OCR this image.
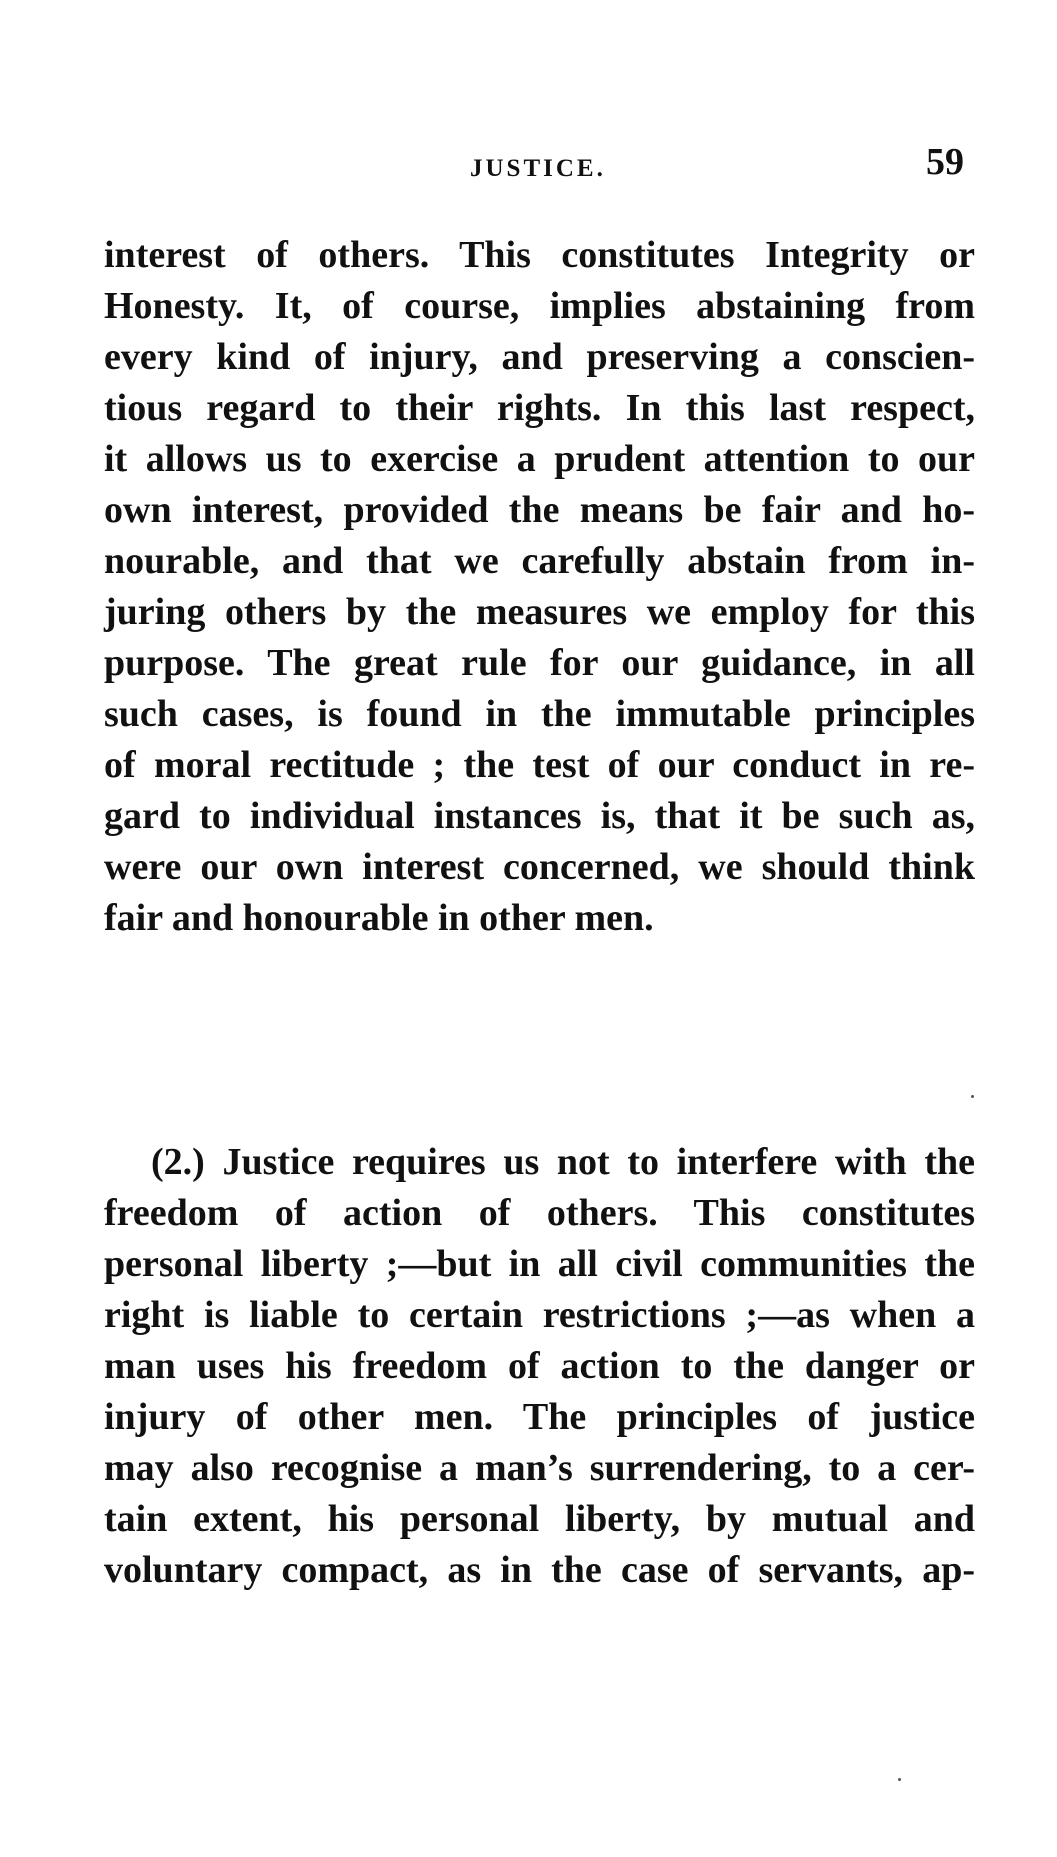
JUSTICE.	59
interest of others. This constitutes Integrity or
Honesty. It, of course, implies abstaining from
every kind of injury, and preserving a conscien-
tious regard to their rights. In this last respect,
it allows us to exercise a prudent attention to our
own interest, provided the means be fair and ho-
nourable, and that we carefully abstain from in-
juring others by the measures we employ for this
purpose. The great rule for our guidance, in all
such cases, is found in the immutable principles
of moral rectitude ; the test of our conduct in re-
gard to individual instances is, that it be such as,
were our own interest concerned, we should think
fair and honourable in other men.
(2.) Justice requires us not to interfere with the
freedom of action of others. This constitutes
personal liberty ;—but in all civil communities the
right is liable to certain restrictions ;—as when a
man uses his freedom of action to the danger or
injury of other men. The principles of justice
may also recognise a man’s surrendering, to a cer-
tain extent, his personal liberty, by mutual and
voluntary compact, as in the case of servants, ap-
